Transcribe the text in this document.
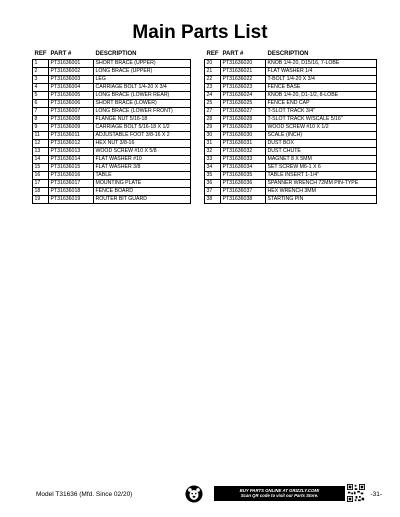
Main Parts List
REF	PART #	DESCRIPTION
1	PT31636001	SHORT BRACE (UPPER)
2	PT31636002	LONG BRACE (UPPER)
3	PT31636003	LEG
4	PT31636004	CARRIAGE BOLT 1/4-20 X 3/4
5	PT31636005	LONG BRACE (LOWER REAR)
6	PT31636006	SHORT BRACE (LOWER)
7	PT31636007	LONG BRACE (LOWER FRONT)
8	PT31636008	FLANGE NUT 5/16-18
9	PT31636009	CARRIAGE BOLT 5/16-18 X 1/2
11	PT31636011	ADJUSTABLE FOOT 3/8-16 X 2
12	PT31636012	HEX NUT 3/8-16
13	PT31636013	WOOD SCREW #10 X 5/8
14	PT31636014	FLAT WASHER #10
15	PT31636015	FLAT WASHER 3/8
16	PT31636016	TABLE
17	PT31636017	MOUNTING PLATE
18	PT31636018	FENCE BOARD
19	PT31636019	ROUTER BIT GUARD
REF	PART #	DESCRIPTION
20	PT31636020	KNOB 1/4-20, D15/16, 7-LOBE
21	PT31636021	FLAT WASHER 1/4
22	PT31636022	T-BOLT 1/4-20 X 3/4
23	PT31636023	FENCE BASE
24	PT31636024	KNOB 1/4-20, D1-1/2, 8-LOBE
25	PT31636025	FENCE END CAP
27	PT31636027	T-SLOT TRACK 3/4"
28	PT31636028	T-SLOT TRACK W/SCALE 5/16"
29	PT31636029	WOOD SCREW #10 X 1/2
30	PT31636030	SCALE (INCH)
31	PT31636031	DUST BOX
32	PT31636032	DUST CHUTE
33	PT31636033	MAGNET 8 X 5MM
34	PT31636034	SET SCREW M6-1 X 6
35	PT31636035	TABLE INSERT 1-1/4"
36	PT31636036	SPANNER WRENCH 72MM PIN-TYPE
37	PT31636037	HEX WRENCH 3MM
38	PT31636038	STARTING PIN
Model T31636 (Mfd. Since 02/20)
BUY PARTS ONLINE AT GRIZZLY.COM!
Scan QR code to visit our Parts Store.	-31-
